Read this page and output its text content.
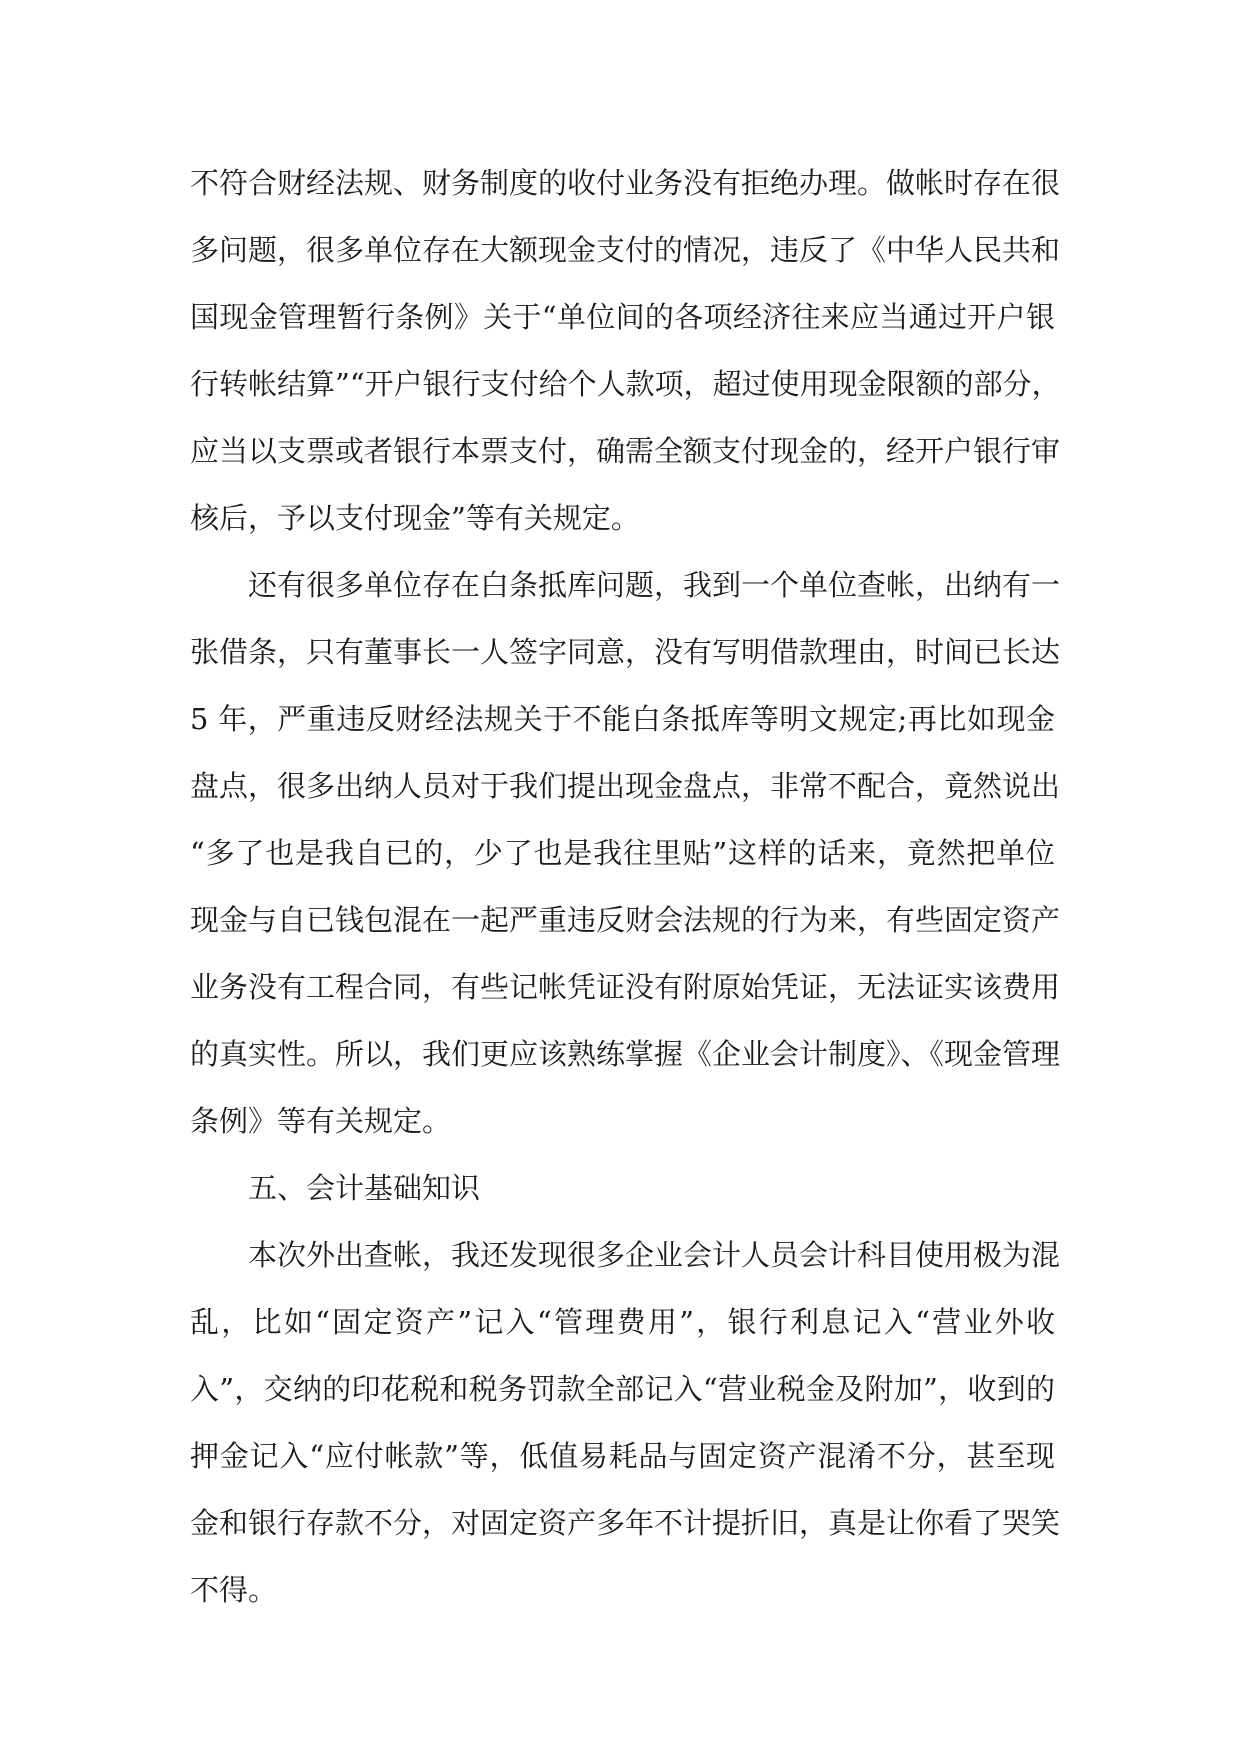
不符合财经法规、财务制度的收付业务没有拒绝办理。做帐时存在很
多问题，很多单位存在大额现金支付的情况，违反了《中华人民共和
国现金管理暂行条例》关于“单位间的各项经济往来应当通过开户银
行转帐结算”“开户银行支付给个人款项，超过使用现金限额的部分，
应当以支票或者银行本票支付，确需全额支付现金的，经开户银行审
核后，予以支付现金”等有关规定。
还有很多单位存在白条抵库问题，我到一个单位查帐，出纳有一
张借条，只有董事长一人签字同意，没有写明借款理由，时间已长达
5 年，严重违反财经法规关于不能白条抵库等明文规定;再比如现金
盘点，很多出纳人员对于我们提出现金盘点，非常不配合，竟然说出
“多了也是我自已的，少了也是我往里贴”这样的话来，竟然把单位
现金与自已钱包混在一起严重违反财会法规的行为来，有些固定资产
业务没有工程合同，有些记帐凭证没有附原始凭证，无法证实该费用
的真实性。所以，我们更应该熟练掌握《企业会计制度》、《现金管理
条例》等有关规定。
五、会计基础知识
本次外出查帐，我还发现很多企业会计人员会计科目使用极为混
乱，比如“固定资产”记入“管理费用”，银行利息记入“营业外收
入”，交纳的印花税和税务罚款全部记入“营业税金及附加”，收到的
押金记入“应付帐款”等，低值易耗品与固定资产混淆不分，甚至现
金和银行存款不分，对固定资产多年不计提折旧，真是让你看了哭笑
不得。
